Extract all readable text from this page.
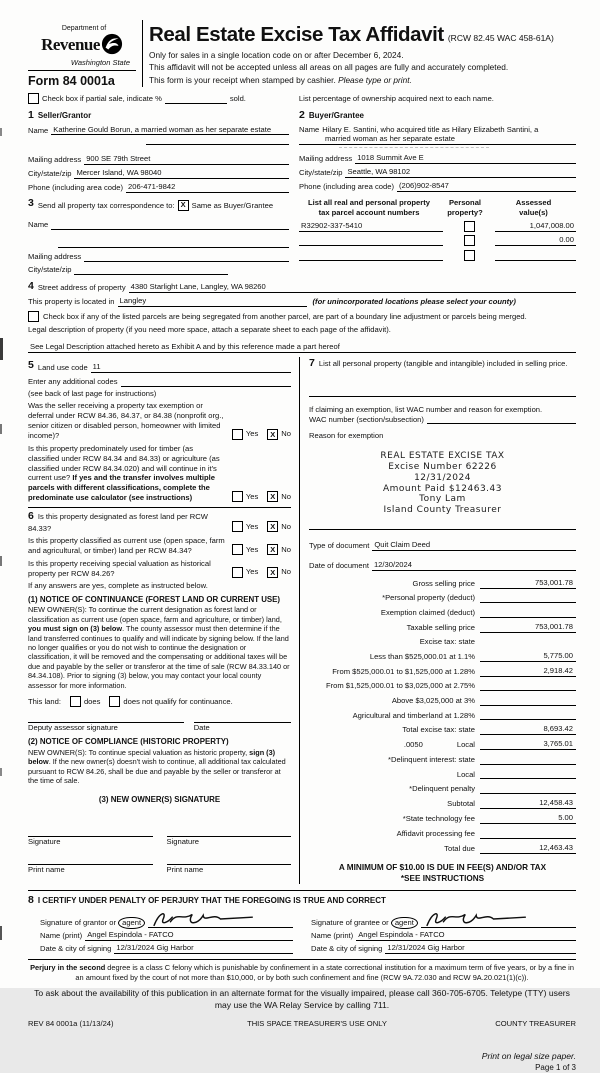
Department of
Revenue
Washington State
Form 84 0001a
Real Estate Excise Tax Affidavit (RCW 82.45 WAC 458-61A)
Only for sales in a single location code on or after December 6, 2024.
This affidavit will not be accepted unless all areas on all pages are fully and accurately completed.
This form is your receipt when stamped by cashier. Please type or print.
Check box if partial sale, indicate %	sold.	List percentage of ownership acquired next to each name.
1 Seller/Grantor
Name Katherine Gould Borun, a married woman as her separate estate
Mailing address 900 SE 79th Street
City/state/zip Mercer Island, WA 98040
Phone (including area code) 206-471-9842
2 Buyer/Grantee
Name Hilary E. Santini, who acquired title as Hilary Elizabeth Santini, a
married woman as her separate estate
Mailing address 1018 Summit Ave E
City/state/zip Seattle, WA 98102
Phone (including area code) (206)902-8547
3 Send all property tax correspondence to: X Same as Buyer/Grantee
Name
Mailing address
City/state/zip
List all real and personal property
tax parcel account numbers
Personal
property?
Assessed
value(s)
R32902-337-5410	1,047,008.00
0.00
4 Street address of property 4380 Starlight Lane, Langley, WA 98260
This property is located in Langley	(for unincorporated locations please select your county)
Check box if any of the listed parcels are being segregated from another parcel, are part of a boundary line adjustment or parcels being merged.
Legal description of property (if you need more space, attach a separate sheet to each page of the affidavit).
See Legal Description attached hereto as Exhibit A and by this reference made a part hereof
5 Land use code 11
Enter any additional codes
(see back of last page for instructions)
Was the seller receiving a property tax exemption or deferral under RCW 84.36, 84.37, or 84.38 (nonprofit org., senior citizen or disabled person, homeowner with limited income)?	Yes	X No
Is this property predominately used for timber (as classified under RCW 84.34 and 84.33) or agriculture (as classified under RCW 84.34.020) and will continue in it's current use? If yes and the transfer involves multiple parcels with different classifications, complete the predominate use calculator (see instructions)	Yes	X No
6 Is this property designated as forest land per RCW 84.33?	Yes	X No
Is this property classified as current use (open space, farm and agricultural, or timber) land per RCW 84.34?	Yes	X No
Is this property receiving special valuation as historical property per RCW 84.26?	Yes	X No
If any answers are yes, complete as instructed below.
(1) NOTICE OF CONTINUANCE (FOREST LAND OR CURRENT USE)
NEW OWNER(S): To continue the current designation as forest land or classification as current use (open space, farm and agriculture, or timber) land, you must sign on (3) below. The county assessor must then determine if the land transferred continues to qualify and will indicate by signing below. If the land no longer qualifies or you do not wish to continue the designation or classification, it will be removed and the compensating or additional taxes will be due and payable by the seller or transferor at the time of sale (RCW 84.33.140 or 84.34.108). Prior to signing (3) below, you may contact your local county assessor for more information.
This land:	does	does not qualify for continuance.
Deputy assessor signature	Date
(2) NOTICE OF COMPLIANCE (HISTORIC PROPERTY)
NEW OWNER(S): To continue special valuation as historic property, sign (3) below. If the new owner(s) doesn't wish to continue, all additional tax calculated pursuant to RCW 84.26, shall be due and payable by the seller or transferor at the time of sale.
(3) NEW OWNER(S) SIGNATURE
Signature	Signature
Print name	Print name
7 List all personal property (tangible and intangible) included in selling price.
If claiming an exemption, list WAC number and reason for exemption.
WAC number (section/subsection)
Reason for exemption
REAL ESTATE EXCISE TAX
Excise Number 62226
12/31/2024
Amount Paid $12463.43
Tony Lam
Island County Treasurer
Type of document Quit Claim Deed
Date of document 12/30/2024
Gross selling price	753,001.78
*Personal property (deduct)
Exemption claimed (deduct)
Taxable selling price	753,001.78
Excise tax: state
Less than $525,000.01 at 1.1%	5,775.00
From $525,000.01 to $1,525,000 at 1.28%	2,918.42
From $1,525,000.01 to $3,025,000 at 2.75%
Above $3,025,000 at 3%
Agricultural and timberland at 1.28%
Total excise tax: state	8,693.42
.0050	Local	3,765.01
*Delinquent interest: state
Local
*Delinquent penalty
Subtotal	12,458.43
*State technology fee	5.00
Affidavit processing fee
Total due	12,463.43
A MINIMUM OF $10.00 IS DUE IN FEE(S) AND/OR TAX
*SEE INSTRUCTIONS
8 I CERTIFY UNDER PENALTY OF PERJURY THAT THE FOREGOING IS TRUE AND CORRECT
Signature of grantor or agent
Name (print) Angel Espindola - FATCO
Date & city of signing 12/31/2024 Gig Harbor
Signature of grantee or agent
Name (print) Angel Espindola - FATCO
Date & city of signing 12/31/2024 Gig Harbor
Perjury in the second degree is a class C felony which is punishable by confinement in a state correctional institution for a maximum term of five years, or by a fine in an amount fixed by the court of not more than $10,000, or by both such confinement and fine (RCW 9A.72.030 and RCW 9A.20.021(1)(c)).
To ask about the availability of this publication in an alternate format for the visually impaired, please call 360-705-6705. Teletype (TTY) users may use the WA Relay Service by calling 711.
REV 84 0001a (11/13/24)	THIS SPACE TREASURER'S USE ONLY	COUNTY TREASURER
Print on legal size paper.
Page 1 of 3
